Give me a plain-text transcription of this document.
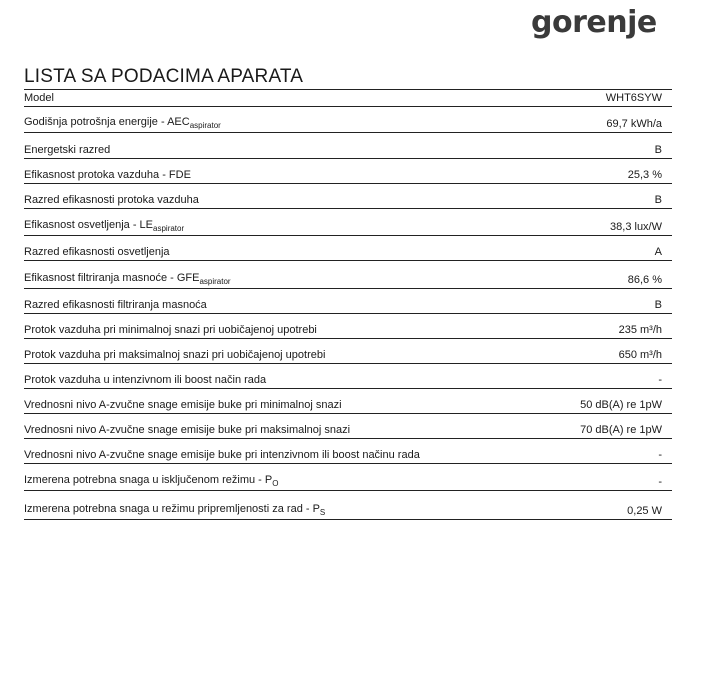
gorenje
LISTA SA PODACIMA APARATA
Model	WHT6SYW
Godišnja potrošnja energije - $AEC_{aspirator}$	69,7 kWh/a
Energetski razred	B
Efikasnost protoka vazduha - FDE	25,3 %
Razred efikasnosti protoka vazduha	B
Efikasnost osvetljenja - $LE_{aspirator}$	38,3 lux/W
Razred efikasnosti osvetljenja	A
Efikasnost filtriranja masnoće - $GFE_{aspirator}$	86,6 %
Razred efikasnosti filtriranja masnoća	B
Protok vazduha pri minimalnoj snazi pri uobičajenoj upotrebi	235 m³/h
Protok vazduha pri maksimalnoj snazi pri uobičajenoj upotrebi	650 m³/h
Protok vazduha u intenzivnom ili boost način rada	-
Vrednosni nivo A-zvučne snage emisije buke pri minimalnoj snazi	50 dB(A) re 1pW
Vrednosni nivo A-zvučne snage emisije buke pri maksimalnoj snazi	70 dB(A) re 1pW
Vrednosni nivo A-zvučne snage emisije buke pri intenzivnom ili boost načinu rada	-
Izmerena potrebna snaga u isključenom režimu - $P_O$	-
Izmerena potrebna snaga u režimu pripremljenosti za rad - $P_S$	0,25 W
